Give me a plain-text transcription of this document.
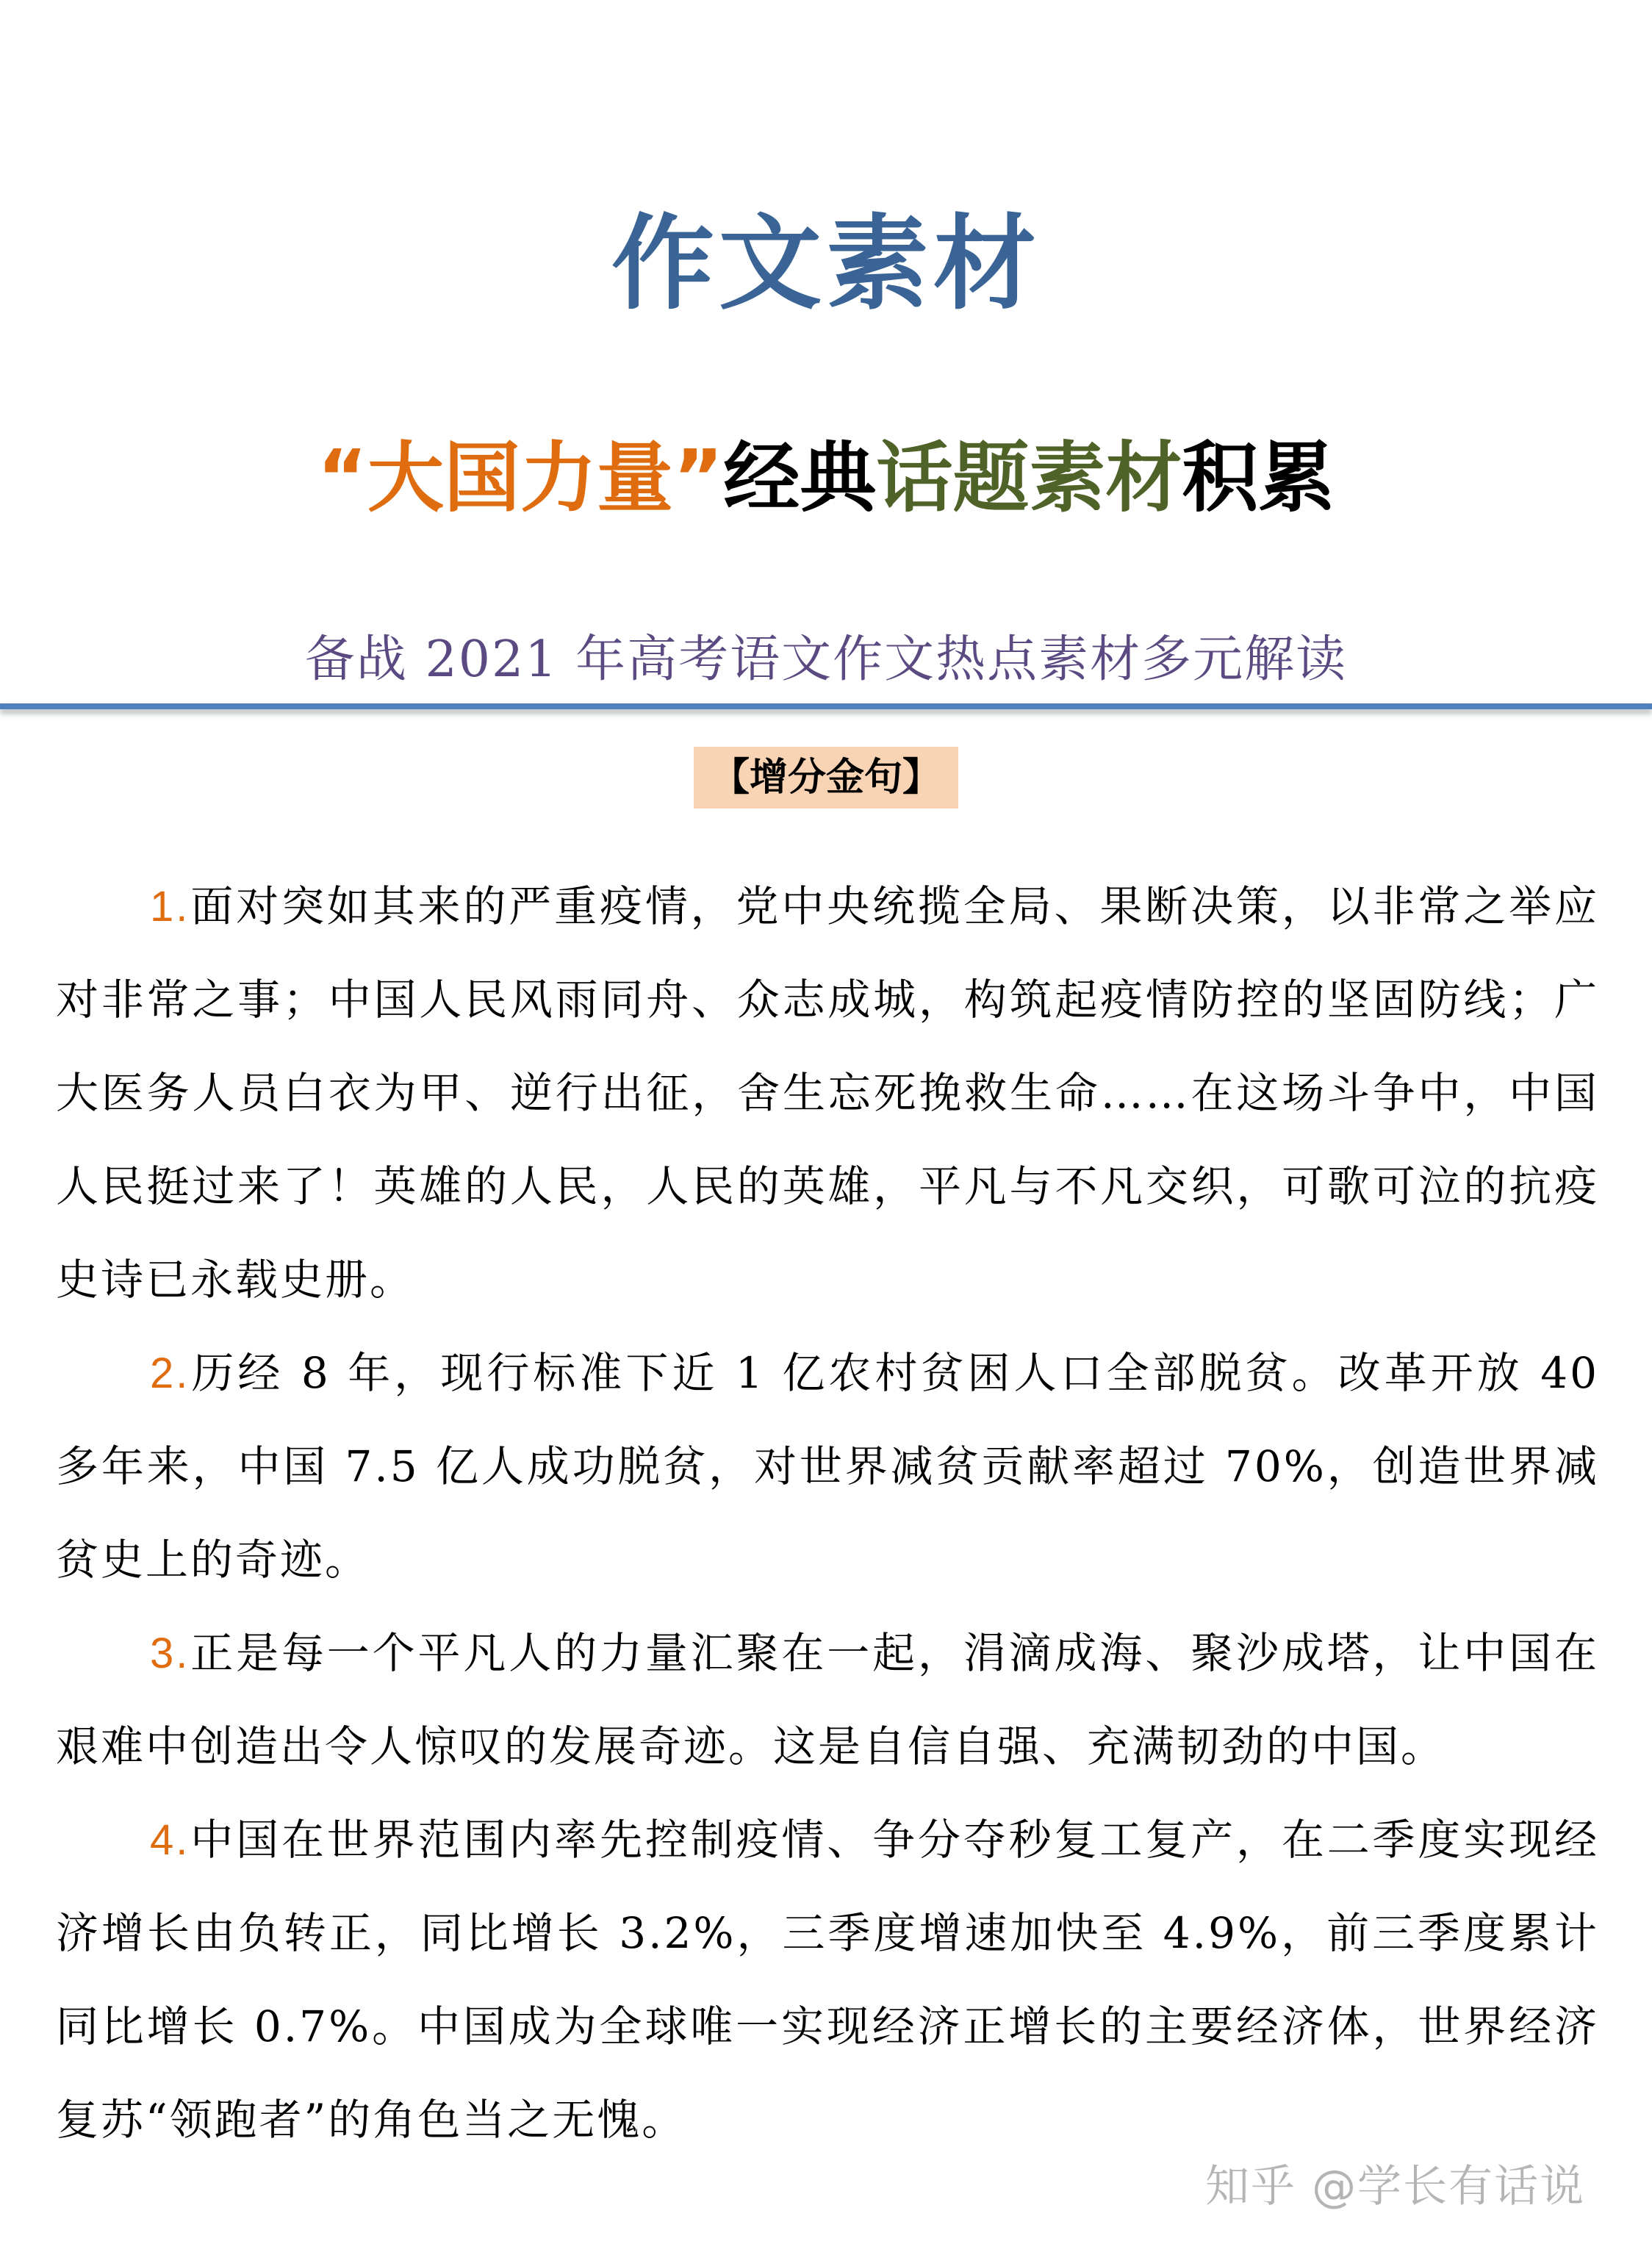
作文素材
“大国力量”经典话题素材积累
备战 2021 年高考语文作文热点素材多元解读
【增分金句】

1.面对突如其来的严重疫情，党中央统揽全局、果断决策，以非常之举应对非常之事；中国人民风雨同舟、众志成城，构筑起疫情防控的坚固防线；广大医务人员白衣为甲、逆行出征，舍生忘死挽救生命……在这场斗争中，中国人民挺过来了！英雄的人民，人民的英雄，平凡与不凡交织，可歌可泣的抗疫史诗已永载史册。

2.历经 8 年，现行标准下近 1 亿农村贫困人口全部脱贫。改革开放 40 多年来，中国 7.5 亿人成功脱贫，对世界减贫贡献率超过 70%，创造世界减贫史上的奇迹。

3.正是每一个平凡人的力量汇聚在一起，涓滴成海、聚沙成塔，让中国在艰难中创造出令人惊叹的发展奇迹。这是自信自强、充满韧劲的中国。

4.中国在世界范围内率先控制疫情、争分夺秒复工复产，在二季度实现经济增长由负转正，同比增长 3.2%，三季度增速加快至 4.9%，前三季度累计同比增长 0.7%。中国成为全球唯一实现经济正增长的主要经济体，世界经济复苏“领跑者”的角色当之无愧。

知乎 @学长有话说
